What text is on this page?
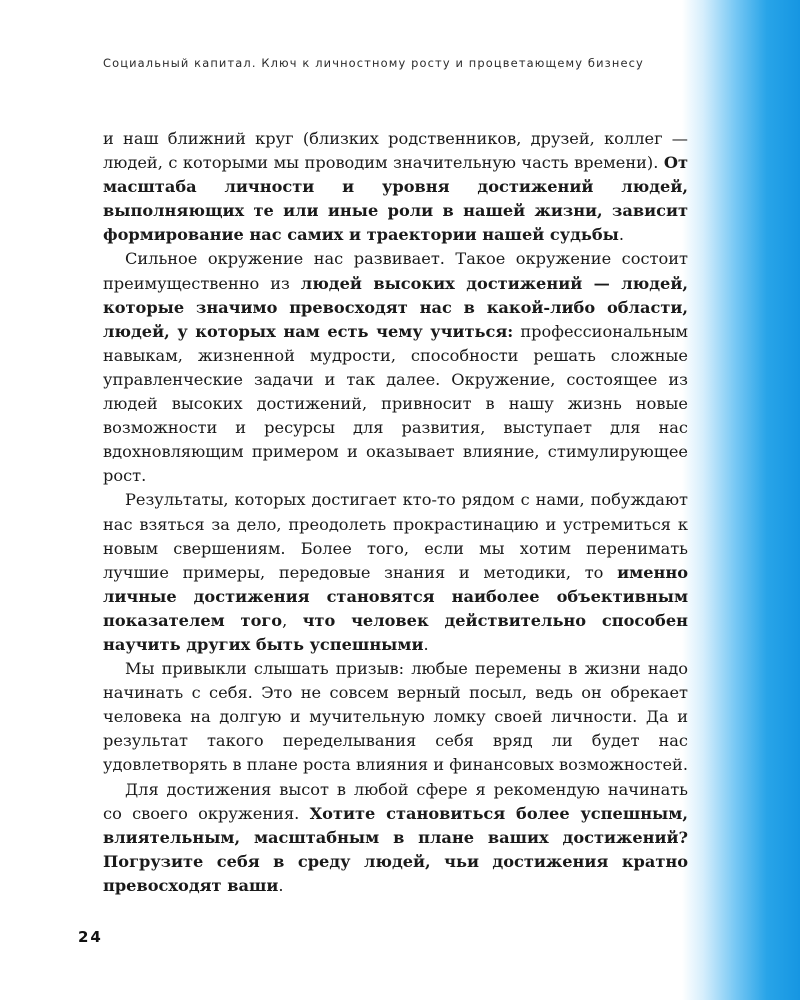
Социальный капитал. Ключ к личностному росту и процветающему бизнесу

и наш ближний круг (близких родственников, друзей, коллег — людей, с которыми мы проводим значительную часть времени). От масштаба личности и уровня достижений людей, выполняющих те или иные роли в нашей жизни, зависит формирование нас самих и траектории нашей судьбы.

Сильное окружение нас развивает. Такое окружение состоит преимущественно из людей высоких достижений — людей, которые значимо превосходят нас в какой-либо области, людей, у которых нам есть чему учиться: профессиональным навыкам, жизненной мудрости, способности решать сложные управленческие задачи и так далее. Окружение, состоящее из людей высоких достижений, привносит в нашу жизнь новые возможности и ресурсы для развития, выступает для нас вдохновляющим примером и оказывает влияние, стимулирующее рост.

Результаты, которых достигает кто-то рядом с нами, побуждают нас взяться за дело, преодолеть прокрастинацию и устремиться к новым свершениям. Более того, если мы хотим перенимать лучшие примеры, передовые знания и методики, то именно личные достижения становятся наиболее объективным показателем того, что человек действительно способен научить других быть успешными.

Мы привыкли слышать призыв: любые перемены в жизни надо начинать с себя. Это не совсем верный посыл, ведь он обрекает человека на долгую и мучительную ломку своей личности. Да и результат такого переделывания себя вряд ли будет нас удовлетворять в плане роста влияния и финансовых возможностей.

Для достижения высот в любой сфере я рекомендую начинать со своего окружения. Хотите становиться более успешным, влиятельным, масштабным в плане ваших достижений? Погрузите себя в среду людей, чьи достижения кратно превосходят ваши.

24
